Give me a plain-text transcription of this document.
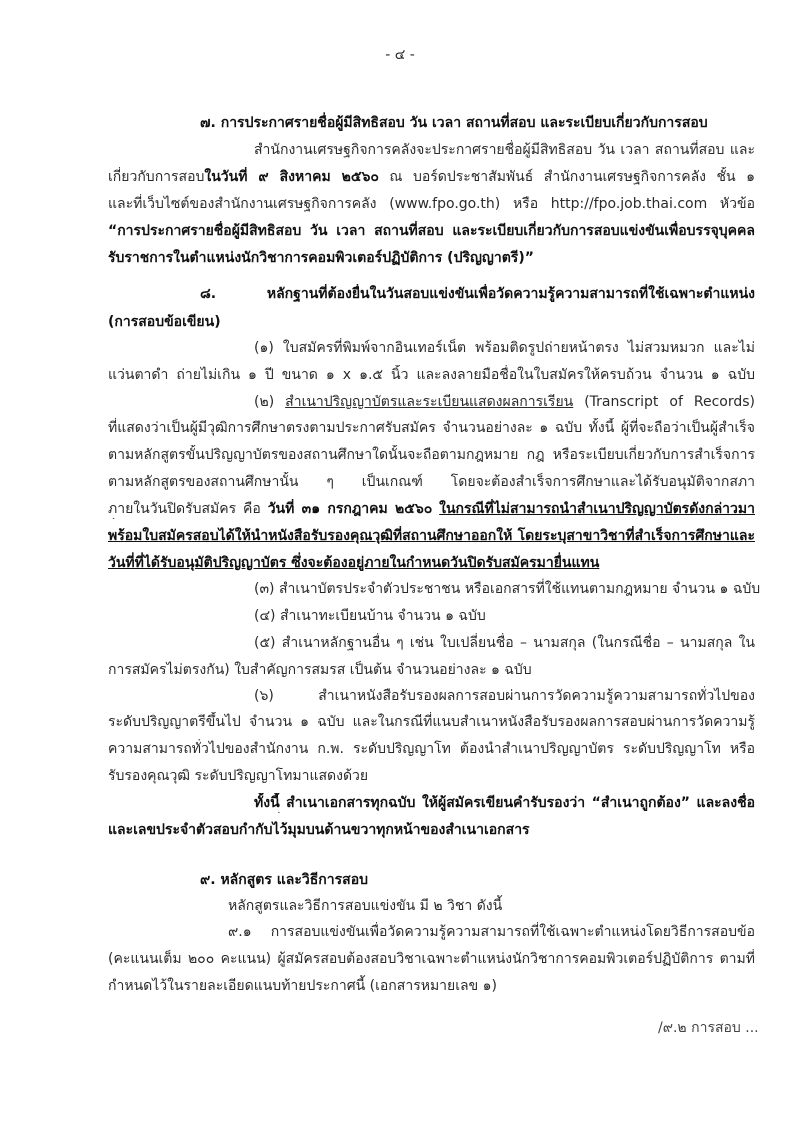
- ๔ -
๗. การประกาศรายชื่อผู้มีสิทธิสอบ วัน เวลา สถานที่สอบ และระเบียบเกี่ยวกับการสอบ
สำนักงานเศรษฐกิจการคลังจะประกาศรายชื่อผู้มีสิทธิสอบ วัน เวลา สถานที่สอบ และ
เกี่ยวกับการสอบในวันที่ ๙ สิงหาคม ๒๕๖๐ ณ บอร์ดประชาสัมพันธ์ สำนักงานเศรษฐกิจการคลัง ชั้น ๑
และที่เว็บไซต์ของสำนักงานเศรษฐกิจการคลัง (www.fpo.go.th) หรือ http://fpo.job.thai.com หัวข้อ
“การประกาศรายชื่อผู้มีสิทธิสอบ วัน เวลา สถานที่สอบ และระเบียบเกี่ยวกับการสอบแข่งขันเพื่อบรรจุบุคคล
รับราชการในตำแหน่งนักวิชาการคอมพิวเตอร์ปฏิบัติการ (ปริญญาตรี)”
๘. หลักฐานที่ต้องยื่นในวันสอบแข่งขันเพื่อวัดความรู้ความสามารถที่ใช้เฉพาะตำแหน่ง
(การสอบข้อเขียน)
(๑) ใบสมัครที่พิมพ์จากอินเทอร์เน็ต พร้อมติดรูปถ่ายหน้าตรง ไม่สวมหมวก และไม่
แว่นตาดำ ถ่ายไม่เกิน ๑ ปี ขนาด ๑ x ๑.๕ นิ้ว และลงลายมือชื่อในใบสมัครให้ครบถ้วน จำนวน ๑ ฉบับ
(๒) สำเนาปริญญาบัตรและระเบียนแสดงผลการเรียน (Transcript of Records)
ที่แสดงว่าเป็นผู้มีวุฒิการศึกษาตรงตามประกาศรับสมัคร จำนวนอย่างละ ๑ ฉบับ ทั้งนี้ ผู้ที่จะถือว่าเป็นผู้สำเร็จ
ตามหลักสูตรขั้นปริญญาบัตรของสถานศึกษาใดนั้นจะถือตามกฎหมาย กฎ หรือระเบียบเกี่ยวกับการสำเร็จการ
ตามหลักสูตรของสถานศึกษานั้น ๆ เป็นเกณฑ์ โดยจะต้องสำเร็จการศึกษาและได้รับอนุมัติจากสภา
ภายในวันปิดรับสมัคร คือ วันที่ ๓๑ กรกฎาคม ๒๕๖๐ ในกรณีที่ไม่สามารถนำสำเนาปริญญาบัตรดังกล่าวมา
พร้อมใบสมัครสอบได้ให้นำหนังสือรับรองคุณวุฒิที่สถานศึกษาออกให้ โดยระบุสาขาวิชาที่สำเร็จการศึกษาและ
วันที่ที่ได้รับอนุมัติปริญญาบัตร ซึ่งจะต้องอยู่ภายในกำหนดวันปิดรับสมัครมายื่นแทน
(๓) สำเนาบัตรประจำตัวประชาชน หรือเอกสารที่ใช้แทนตามกฎหมาย จำนวน ๑ ฉบับ
(๔) สำเนาทะเบียนบ้าน จำนวน ๑ ฉบับ
(๕) สำเนาหลักฐานอื่น ๆ เช่น ใบเปลี่ยนชื่อ – นามสกุล (ในกรณีชื่อ – นามสกุล ใน
การสมัครไม่ตรงกัน) ใบสำคัญการสมรส เป็นต้น จำนวนอย่างละ ๑ ฉบับ
(๖) สำเนาหนังสือรับรองผลการสอบผ่านการวัดความรู้ความสามารถทั่วไปของ
ระดับปริญญาตรีขึ้นไป จำนวน ๑ ฉบับ และในกรณีที่แนบสำเนาหนังสือรับรองผลการสอบผ่านการวัดความรู้
ความสามารถทั่วไปของสำนักงาน ก.พ. ระดับปริญญาโท ต้องนำสำเนาปริญญาบัตร ระดับปริญญาโท หรือ
รับรองคุณวุฒิ ระดับปริญญาโทมาแสดงด้วย
ทั้งนี้ สำเนาเอกสารทุกฉบับ ให้ผู้สมัครเขียนคำรับรองว่า “สำเนาถูกต้อง” และลงชื่อ
และเลขประจำตัวสอบกำกับไว้มุมบนด้านขวาทุกหน้าของสำเนาเอกสาร
๙. หลักสูตร และวิธีการสอบ
หลักสูตรและวิธีการสอบแข่งขัน มี ๒ วิชา ดังนี้
๙.๑ การสอบแข่งขันเพื่อวัดความรู้ความสามารถที่ใช้เฉพาะตำแหน่งโดยวิธีการสอบข้อ
(คะแนนเต็ม ๒๐๐ คะแนน) ผู้สมัครสอบต้องสอบวิชาเฉพาะตำแหน่งนักวิชาการคอมพิวเตอร์ปฏิบัติการ ตามที่
กำหนดไว้ในรายละเอียดแนบท้ายประกาศนี้ (เอกสารหมายเลข ๑)
/๙.๒ การสอบ ...
